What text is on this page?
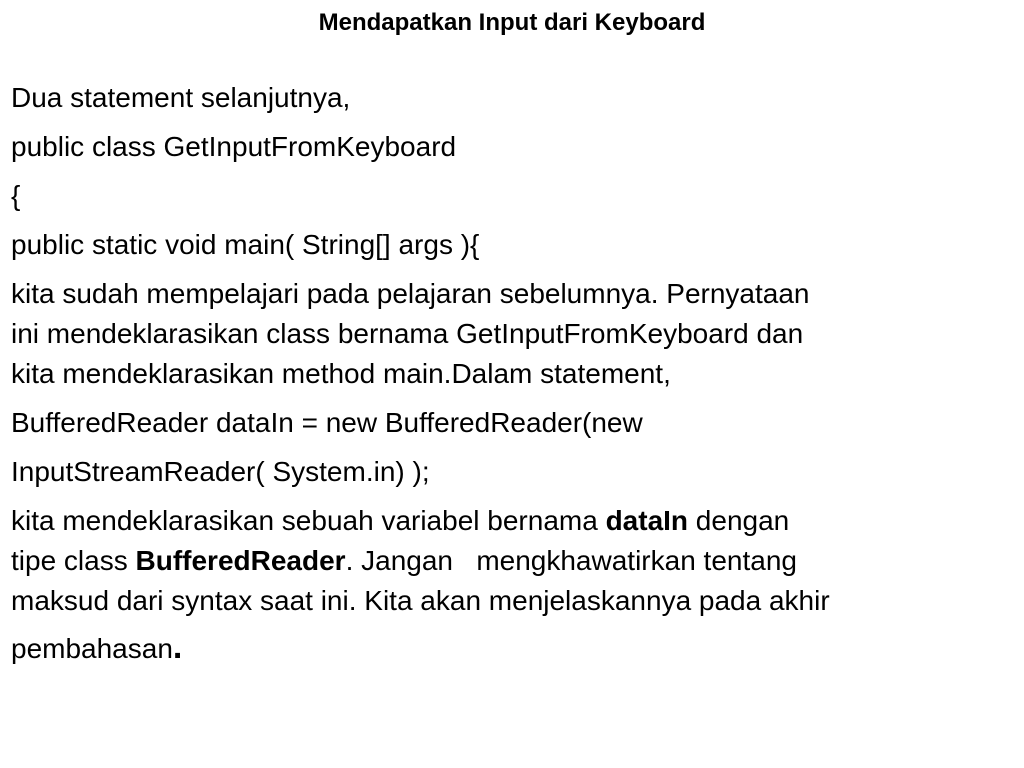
Mendapatkan Input dari Keyboard

Dua statement selanjutnya,

public class GetInputFromKeyboard

{

public static void main( String[] args ){

kita sudah mempelajari pada pelajaran sebelumnya. Pernyataan
ini mendeklarasikan class bernama GetInputFromKeyboard dan
kita mendeklarasikan method main.Dalam statement,

BufferedReader dataIn = new BufferedReader(new

InputStreamReader( System.in) );

kita mendeklarasikan sebuah variabel bernama dataIn dengan
tipe class BufferedReader. Jangan   mengkhawatirkan tentang
maksud dari syntax saat ini. Kita akan menjelaskannya pada akhir
pembahasan.
